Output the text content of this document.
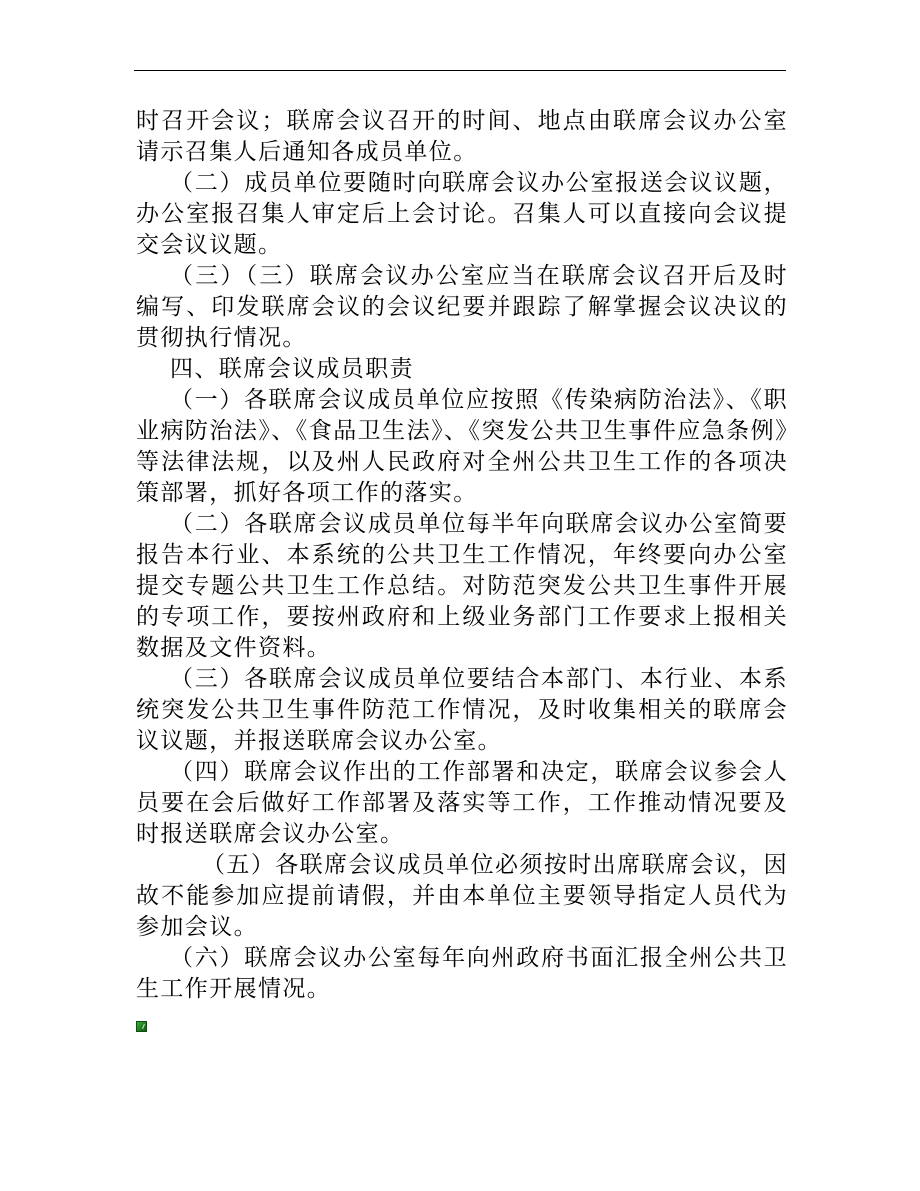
时召开会议；联席会议召开的时间、地点由联席会议办公室请示召集人后通知各成员单位。

（二）成员单位要随时向联席会议办公室报送会议议题，办公室报召集人审定后上会讨论。召集人可以直接向会议提交会议议题。

（三）（三）联席会议办公室应当在联席会议召开后及时编写、印发联席会议的会议纪要并跟踪了解掌握会议决议的贯彻执行情况。

四、联席会议成员职责

（一）各联席会议成员单位应按照《传染病防治法》、《职业病防治法》、《食品卫生法》、《突发公共卫生事件应急条例》等法律法规，以及州人民政府对全州公共卫生工作的各项决策部署，抓好各项工作的落实。

（二）各联席会议成员单位每半年向联席会议办公室简要报告本行业、本系统的公共卫生工作情况，年终要向办公室提交专题公共卫生工作总结。对防范突发公共卫生事件开展的专项工作，要按州政府和上级业务部门工作要求上报相关数据及文件资料。

（三）各联席会议成员单位要结合本部门、本行业、本系统突发公共卫生事件防范工作情况，及时收集相关的联席会议议题，并报送联席会议办公室。

（四）联席会议作出的工作部署和决定，联席会议参会人员要在会后做好工作部署及落实等工作，工作推动情况要及时报送联席会议办公室。

（五）各联席会议成员单位必须按时出席联席会议，因故不能参加应提前请假，并由本单位主要领导指定人员代为参加会议。

（六）联席会议办公室每年向州政府书面汇报全州公共卫生工作开展情况。
